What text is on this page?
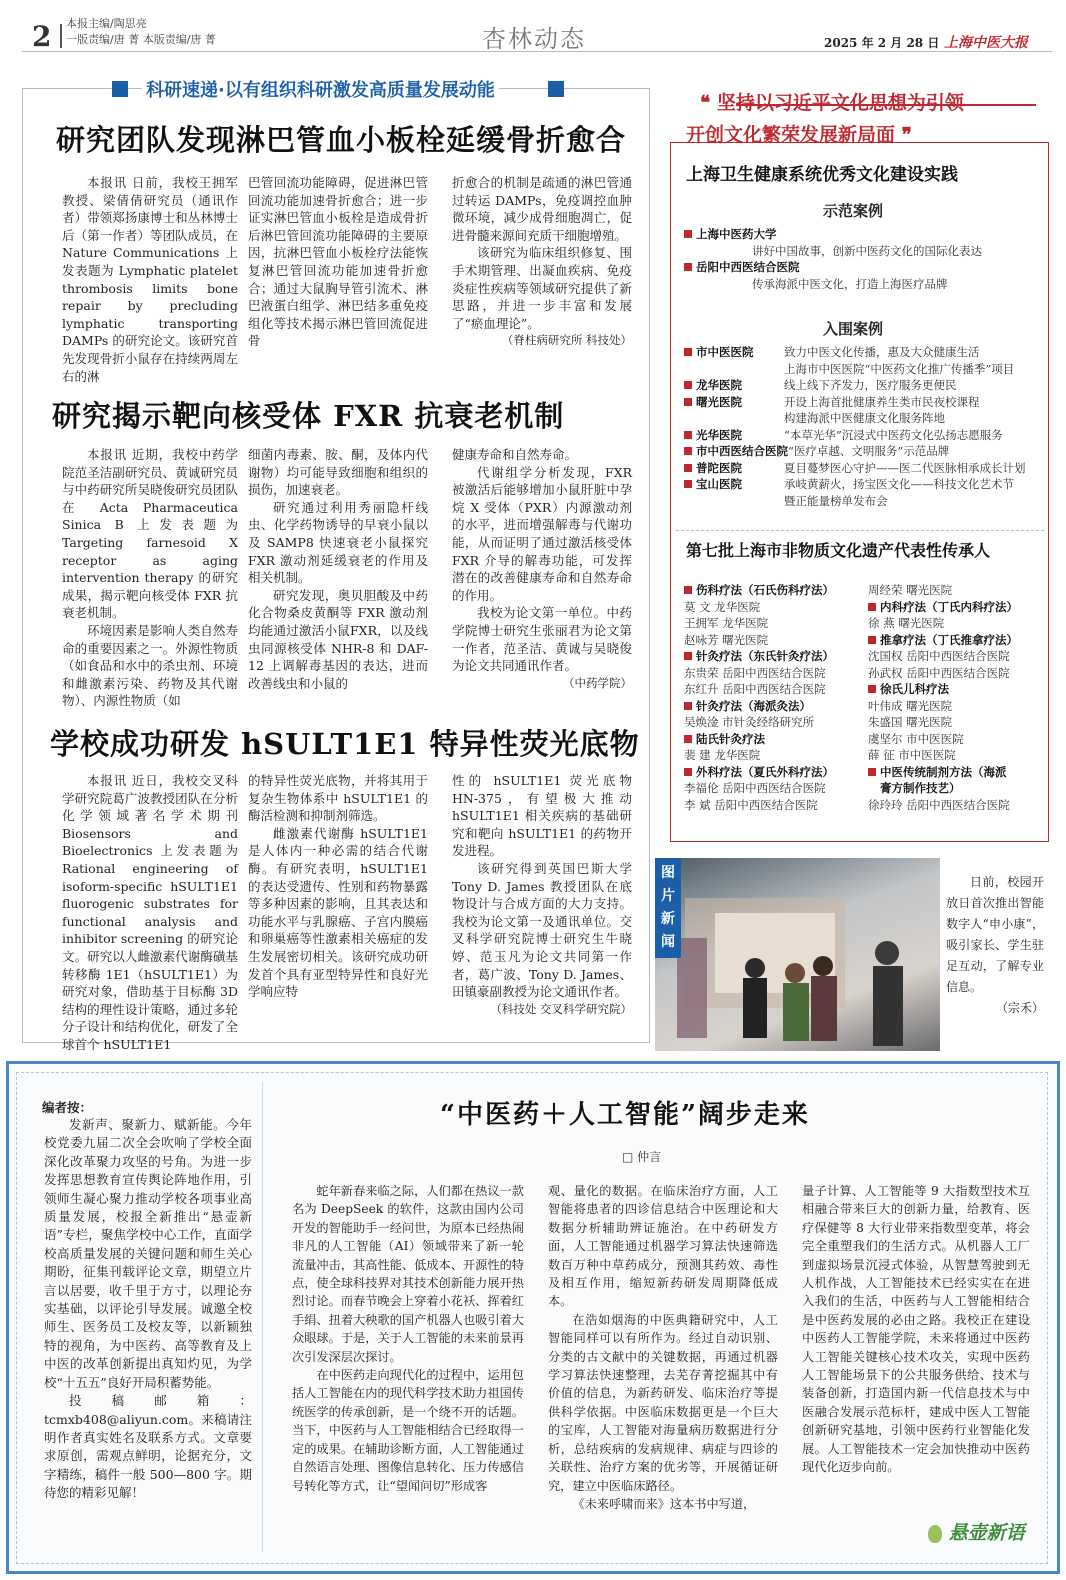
2 本报主编/陶思亮
一版责编/唐 菁 本版责编/唐 菁	杏林动态	2025 年 2 月 28 日 上海中医大报
科研速递·以有组织科研激发高质量发展动能
研究团队发现淋巴管血小板栓延缓骨折愈合

本报讯 日前，我校王拥军教授、梁倩倩研究员（通讯作者）带领郑扬康博士和丛林博士后（第一作者）等团队成员，在 Nature Communications 上发表题为 Lymphatic platelet thrombosis limits bone repair by precluding lymphatic transporting DAMPs 的研究论文。该研究首先发现骨折小鼠存在持续两周左右的淋

巴管回流功能障碍，促进淋巴管回流功能加速骨折愈合；进一步证实淋巴管血小板栓是造成骨折后淋巴管回流功能障碍的主要原因，抗淋巴管血小板栓疗法能恢复淋巴管回流功能加速骨折愈合；通过大鼠胸导管引流术、淋巴液蛋白组学、淋巴结多重免疫组化等技术揭示淋巴管回流促进骨

折愈合的机制是疏通的淋巴管通过转运 DAMPs，免疫调控血肿微环境，减少成骨细胞凋亡，促进骨髓来源间充质干细胞增殖。

该研究为临床组织修复、围手术期管理、出凝血疾病、免疫炎症性疾病等领域研究提供了新思路，并进一步丰富和发展了“瘀血理论”。

（脊柱病研究所 科技处）
研究揭示靶向核受体 FXR 抗衰老机制

本报讯 近期，我校中药学院范圣洁副研究员、黄诚研究员与中药研究所吴晓俊研究员团队在 Acta Pharmaceutica Sinica B 上发表题为 Targeting farnesoid X receptor as aging intervention therapy 的研究成果，揭示靶向核受体 FXR 抗衰老机制。

环境因素是影响人类自然寿命的重要因素之一。外源性物质（如食品和水中的杀虫剂、环境和雌激素污染、药物及其代谢物）、内源性物质（如

细菌内毒素、胺、酮，及体内代谢物）均可能导致细胞和组织的损伤，加速衰老。

研究通过利用秀丽隐杆线虫、化学药物诱导的早衰小鼠以及 SAMP8 快速衰老小鼠探究 FXR 激动剂延缓衰老的作用及相关机制。

研究发现，奥贝胆酸及中药化合物桑皮黄酮等 FXR 激动剂均能通过激活小鼠FXR，以及线虫同源核受体 NHR-8 和 DAF-12 上调解毒基因的表达，进而改善线虫和小鼠的

健康寿命和自然寿命。

代谢组学分析发现，FXR 被激活后能够增加小鼠肝脏中孕烷 X 受体（PXR）内源激动剂的水平，进而增强解毒与代谢功能，从而证明了通过激活核受体 FXR 介导的解毒功能，可发挥潜在的改善健康寿命和自然寿命的作用。

我校为论文第一单位。中药学院博士研究生张丽君为论文第一作者，范圣洁、黄诚与吴晓俊为论文共同通讯作者。

（中药学院）
学校成功研发 hSULT1E1 特异性荧光底物

本报讯 近日，我校交叉科学研究院葛广波教授团队在分析化学领域著名学术期刊 Biosensors and Bioelectronics 上发表题为 Rational engineering of isoform-specific hSULT1E1 fluorogenic substrates for functional analysis and inhibitor screening 的研究论文。研究以人雌激素代谢酶磺基转移酶 1E1（hSULT1E1）为研究对象，借助基于目标酶 3D 结构的理性设计策略，通过多轮分子设计和结构优化，研发了全球首个 hSULT1E1

的特异性荧光底物，并将其用于复杂生物体系中 hSULT1E1 的酶活检测和抑制剂筛选。

雌激素代谢酶 hSULT1E1 是人体内一种必需的结合代谢酶。有研究表明，hSULT1E1 的表达受遗传、性别和药物暴露等多种因素的影响，且其表达和功能水平与乳腺癌、子宫内膜癌和卵巢癌等性激素相关癌症的发生发展密切相关。该研究成功研发首个具有亚型特异性和良好光学响应特

性的 hSULT1E1 荧光底物 HN-375，有望极大推动 hSULT1E1 相关疾病的基础研究和靶向 hSULT1E1 的药物开发进程。

该研究得到英国巴斯大学 Tony D. James 教授团队在底物设计与合成方面的大力支持。我校为论文第一及通讯单位。交叉科学研究院博士研究生牛晓婷、范玉凡为论文共同第一作者，葛广波、Tony D. James、田镇豪副教授为论文通讯作者。

（科技处 交叉科学研究院）
❝ 坚持以习近平文化思想为引领
开创文化繁荣发展新局面 ❞
上海卫生健康系统优秀文化建设实践
示范案例
上海中医药大学
讲好中国故事，创新中医药文化的国际化表达
岳阳中西医结合医院
传承海派中医文化，打造上海医疗品牌
入围案例
市中医医院	致力中医文化传播，惠及大众健康生活
上海市中医医院“中医药文化推广传播季”项目
龙华医院	线上线下齐发力，医疗服务更便民
曙光医院	开设上海首批健康养生类市民夜校课程
构建海派中医健康文化服务阵地
光华医院	“本草光华”沉浸式中医药文化弘扬志愿服务
市中西医结合医院“医疗卓越、文明服务”示范品牌
普陀医院	夏目蔓梦医心守护——医二代医脉相承成长计划
宝山医院	承岐黄薪火，扬宝医文化——科技文化艺术节
暨正能量榜单发布会
第七批上海市非物质文化遗产代表性传承人
伤科疗法（石氏伤科疗法）
莫 文 龙华医院
王拥军 龙华医院
赵咏芳 曙光医院
针灸疗法（东氏针灸疗法）
东贵荣 岳阳中西医结合医院
东红升 岳阳中西医结合医院
针灸疗法（海派灸法）
吴焕淦 市针灸经络研究所
陆氏针灸疗法
裴 建 龙华医院
外科疗法（夏氏外科疗法）
李福伦 岳阳中西医结合医院
李 斌 岳阳中西医结合医院
周经荣 曙光医院
内科疗法（丁氏内科疗法）
徐 燕 曙光医院
推拿疗法（丁氏推拿疗法）
沈国权 岳阳中西医结合医院
孙武权 岳阳中西医结合医院
徐氏儿科疗法
叶伟成 曙光医院
朱盛国 曙光医院
虞坚尔 市中医医院
薛 征 市中医医院
中医传统制剂方法（海派
膏方制作技艺）
徐玲玲 岳阳中西医结合医院
图片新闻
日前，校园开放日首次推出智能数字人“申小康”，吸引家长、学生驻足互动，了解专业信息。
（宗禾）
编者按：

发新声、聚新力、赋新能。今年校党委九届二次全会吹响了学校全面深化改革聚力攻坚的号角。为进一步发挥思想教育宣传舆论阵地作用，引领师生凝心聚力推动学校各项事业高质量发展，校报全新推出“悬壶新语”专栏，聚焦学校中心工作，直面学校高质量发展的关键问题和师生关心期盼，征集刊载评论文章，期望立片言以居要，收千里于方寸，以理论夯实基础，以评论引导发展。诚邀全校师生、医务员工及校友等，以新颖独特的视角，为中医药、高等教育及上中医的改革创新提出真知灼见，为学校“十五五”良好开局积蓄势能。

投稿邮箱：tcmxb408@aliyun.com。来稿请注明作者真实姓名及联系方式。文章要求原创，需观点鲜明，论据充分，文字精练，稿件一般 500—800 字。期待您的精彩见解！

“中医药＋人工智能”阔步走来
□ 仲言

蛇年新春来临之际，人们都在热议一款名为 DeepSeek 的软件，这款由国内公司开发的智能助手一经问世，为原本已经热闹非凡的人工智能（AI）领域带来了新一轮流量冲击，其高性能、低成本、开源性的特点，使全球科技界对其技术创新能力展开热烈讨论。而春节晚会上穿着小花袄、挥着红手绢、扭着大秧歌的国产机器人也吸引着大众眼球。于是，关于人工智能的未来前景再次引发深层次探讨。

在中医药走向现代化的过程中，运用包括人工智能在内的现代科学技术助力祖国传统医学的传承创新，是一个绕不开的话题。当下，中医药与人工智能相结合已经取得一定的成果。在辅助诊断方面，人工智能通过自然语言处理、图像信息转化、压力传感信号转化等方式，让“望闻问切”形成客

观、量化的数据。在临床治疗方面，人工智能将患者的四诊信息结合中医理论和大数据分析辅助辨证施治。在中药研发方面，人工智能通过机器学习算法快速筛选数百万种中草药成分，预测其药效、毒性及相互作用，缩短新药研发周期降低成本。

在浩如烟海的中医典籍研究中，人工智能同样可以有所作为。经过自动识别、分类的古文献中的关键数据，再通过机器学习算法快速整理，去芜存菁挖掘其中有价值的信息，为新药研发、临床治疗等提供科学依据。中医临床数据更是一个巨大的宝库，人工智能对海量病历数据进行分析，总结疾病的发病规律、病症与四诊的关联性、治疗方案的优劣等，开展循证研究，建立中医临床路径。

《未来呼啸而来》这本书中写道，

量子计算、人工智能等 9 大指数型技术互相融合带来巨大的创新力量，给教育、医疗保健等 8 大行业带来指数型变革，将会完全重塑我们的生活方式。从机器人工厂到虚拟场景沉浸式体验，从智慧驾驶到无人机作战，人工智能技术已经实实在在进入我们的生活，中医药与人工智能相结合是中医药发展的必由之路。我校正在建设中医药人工智能学院，未来将通过中医药人工智能关键核心技术攻关，实现中医药人工智能场景下的公共服务供给、技术与装备创新，打造国内新一代信息技术与中医融合发展示范标杆，建成中医人工智能创新研究基地，引领中医药行业智能化发展。人工智能技术一定会加快推动中医药现代化迈步向前。

悬壶新语
